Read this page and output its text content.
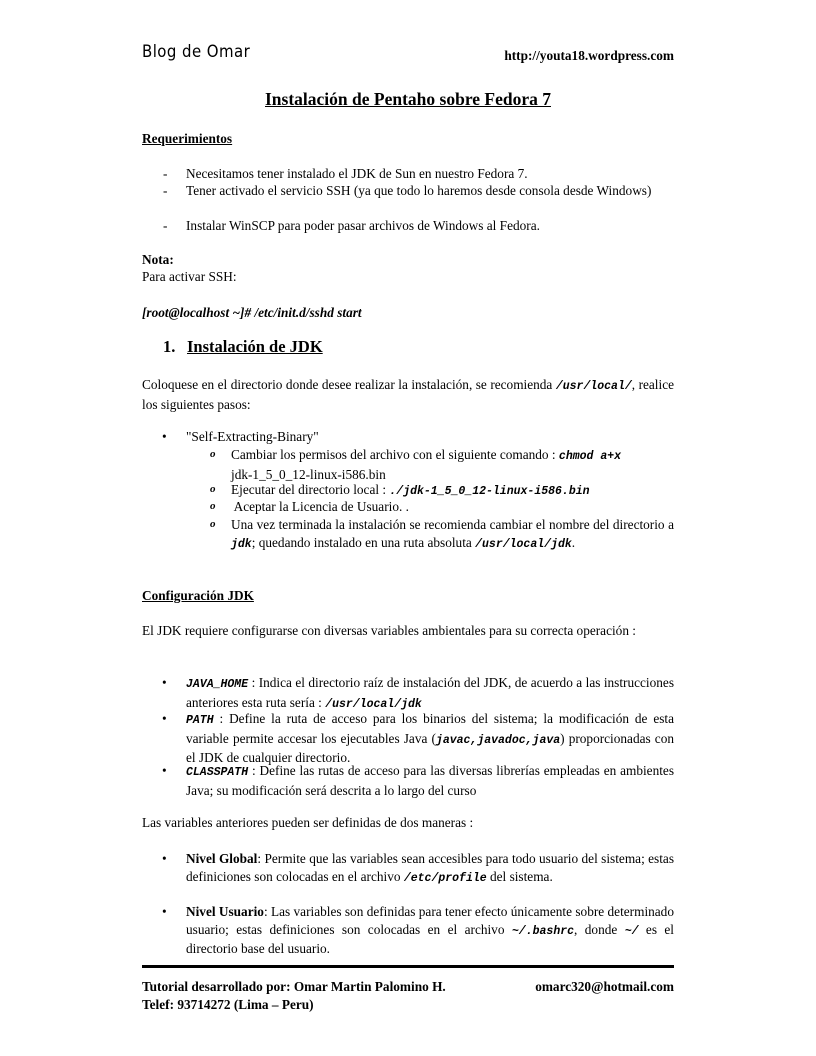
Blog de Omar	http://youta18.wordpress.com
Instalación de Pentaho sobre Fedora 7
Requerimientos
- Necesitamos tener instalado el JDK de Sun en nuestro Fedora 7.
- Tener activado el servicio SSH (ya que todo lo haremos desde consola desde Windows)
- Instalar WinSCP para poder pasar archivos de Windows al Fedora.
Nota:
Para activar SSH:
[root@localhost ~]# /etc/init.d/sshd start
1. Instalación de JDK
Coloquese en el directorio donde desee realizar la instalación, se recomienda /usr/local/, realice los siguientes pasos:
• "Self-Extracting-Binary"
o Cambiar los permisos del archivo con el siguiente comando : chmod a+x
jdk-1_5_0_12-linux-i586.bin
o Ejecutar del directorio local : ./jdk-1_5_0_12-linux-i586.bin
o Aceptar la Licencia de Usuario. .
o Una vez terminada la instalación se recomienda cambiar el nombre del directorio a jdk; quedando instalado en una ruta absoluta /usr/local/jdk.
Configuración JDK
El JDK requiere configurarse con diversas variables ambientales para su correcta operación :
• JAVA_HOME : Indica el directorio raíz de instalación del JDK, de acuerdo a las instrucciones anteriores esta ruta sería : /usr/local/jdk
• PATH : Define la ruta de acceso para los binarios del sistema; la modificación de esta variable permite accesar los ejecutables Java (javac,javadoc,java) proporcionadas con el JDK de cualquier directorio.
• CLASSPATH : Define las rutas de acceso para las diversas librerías empleadas en ambientes Java; su modificación será descrita a lo largo del curso
Las variables anteriores pueden ser definidas de dos maneras :
• Nivel Global: Permite que las variables sean accesibles para todo usuario del sistema; estas definiciones son colocadas en el archivo /etc/profile del sistema.
• Nivel Usuario: Las variables son definidas para tener efecto únicamente sobre determinado usuario; estas definiciones son colocadas en el archivo ~/.bashrc, donde ~/ es el directorio base del usuario.
Tutorial desarrollado por: Omar Martin Palomino H.	omarc320@hotmail.com
Telef: 93714272 (Lima – Peru)
